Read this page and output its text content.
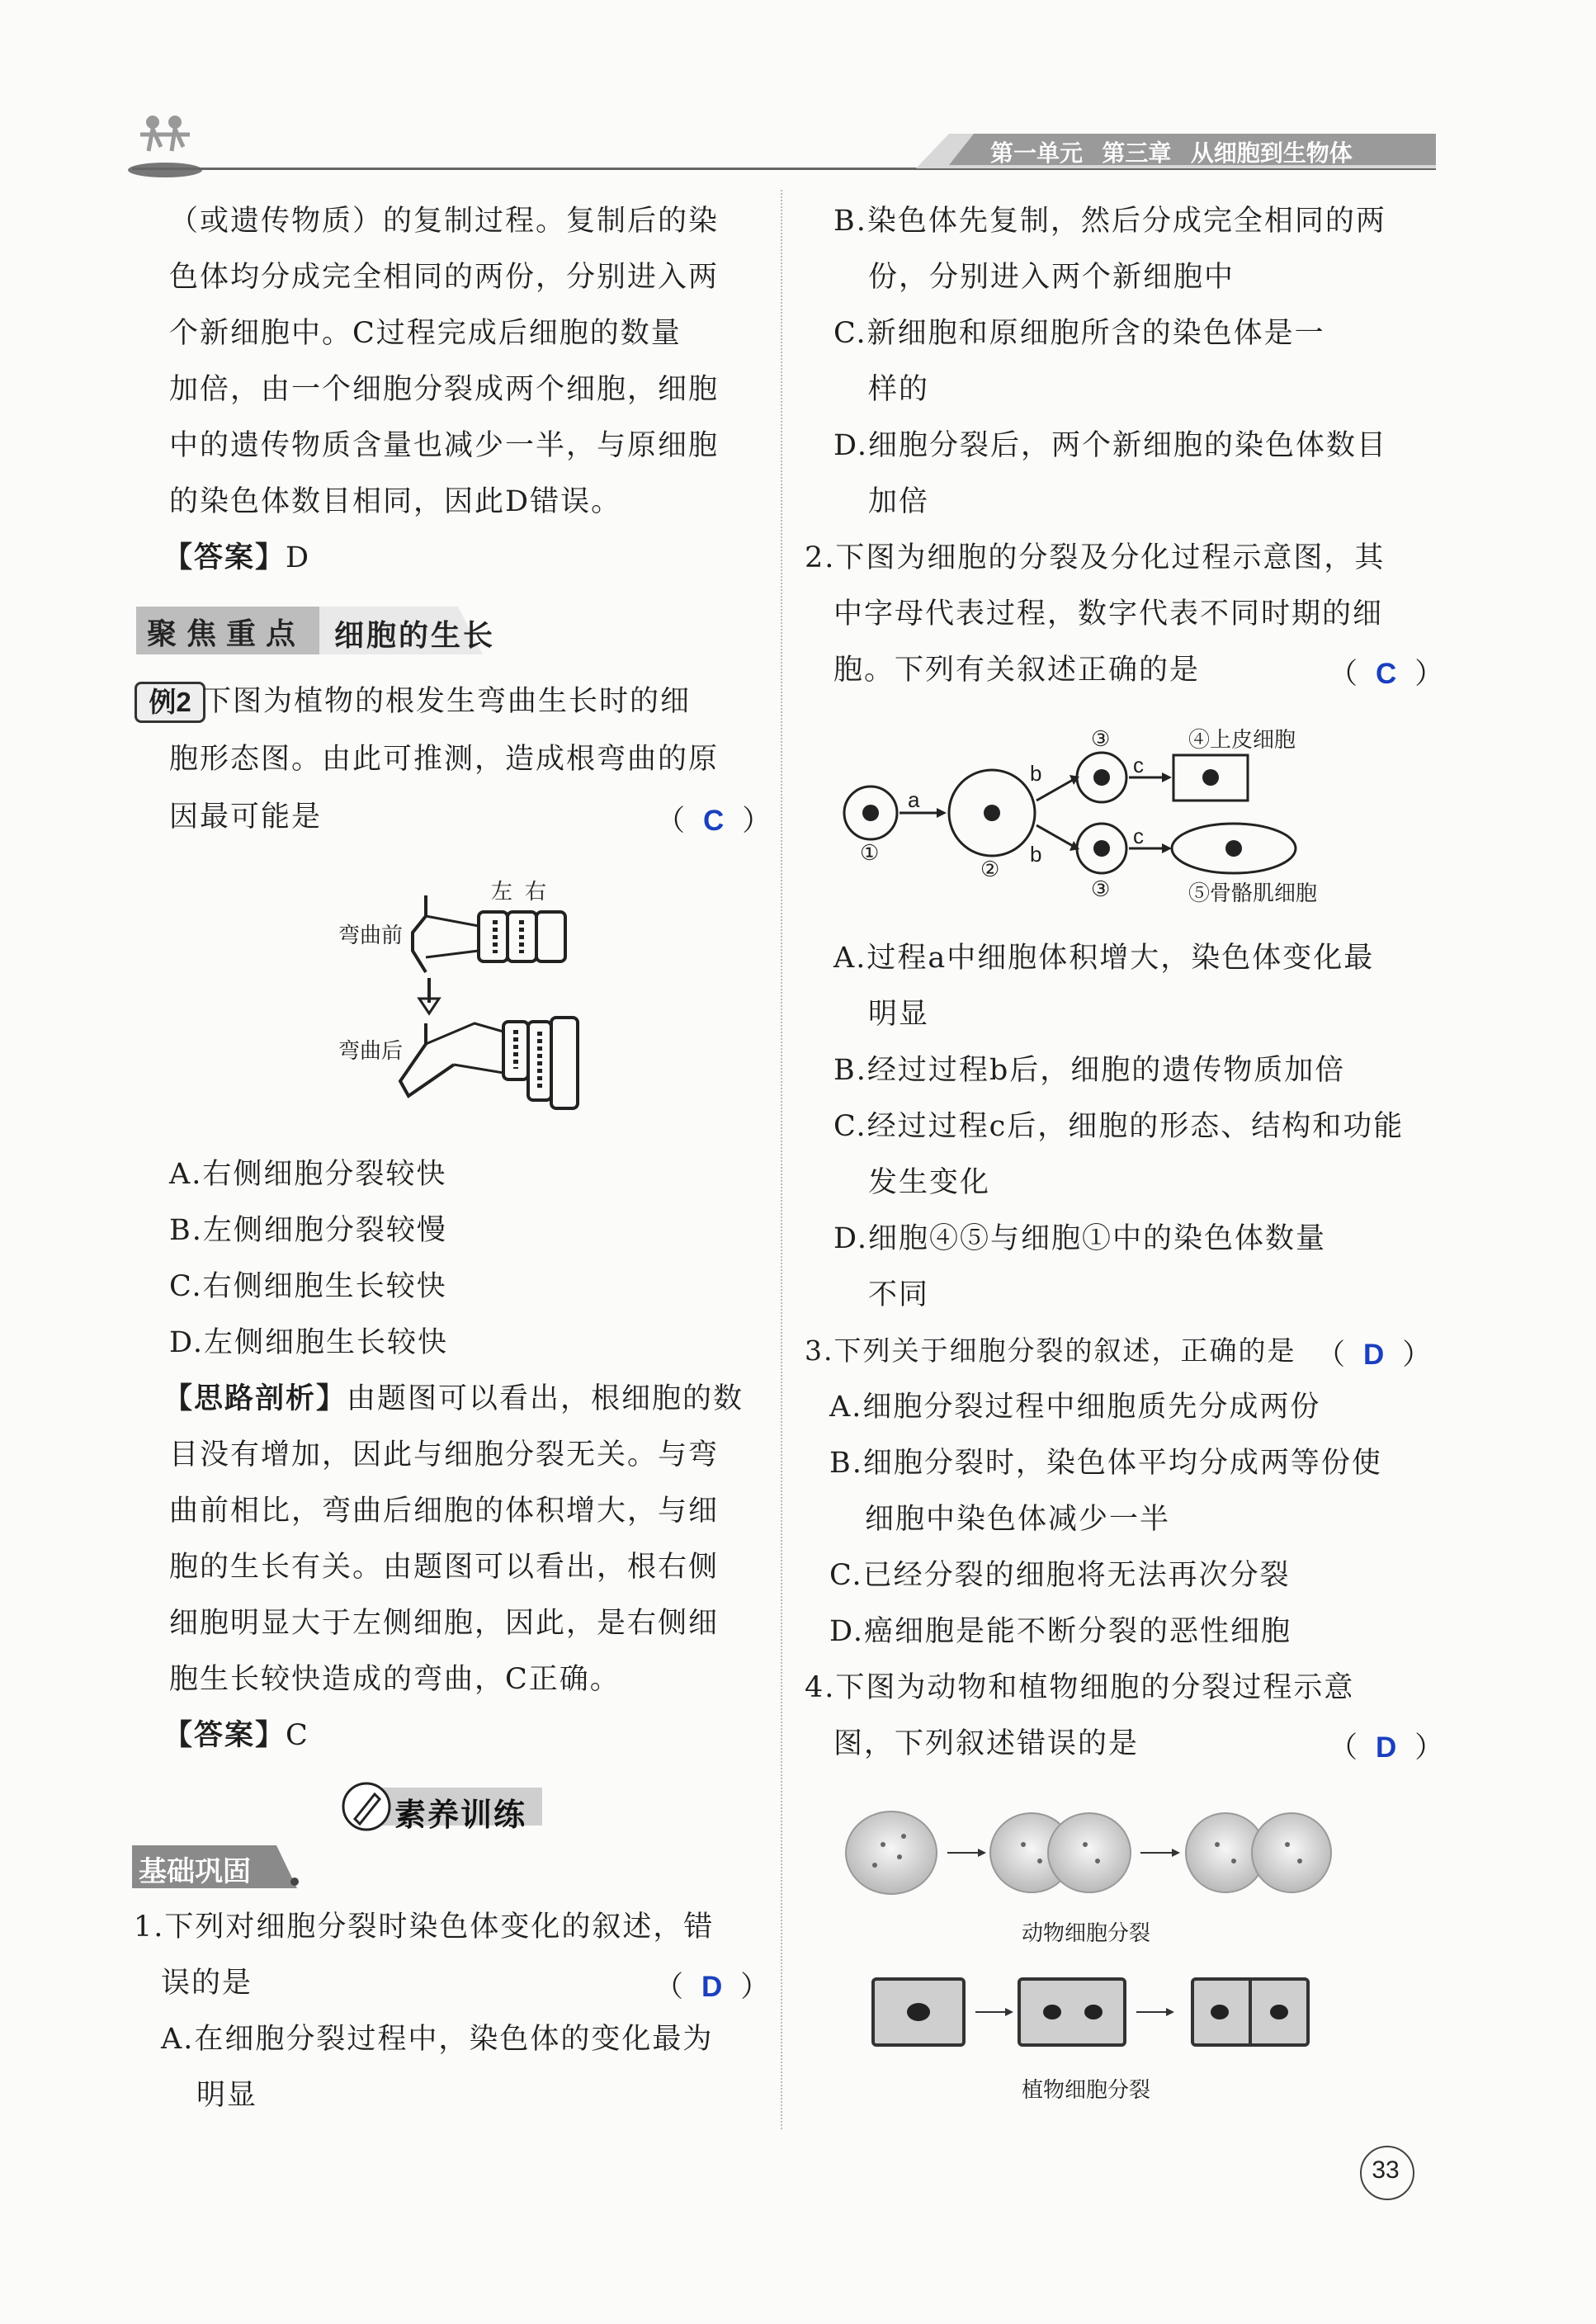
第一单元 第三章 从细胞到生物体
（或遗传物质）的复制过程。复制后的染
色体均分成完全相同的两份，分别进入两
个新细胞中。C过程完成后细胞的数量
加倍，由一个细胞分裂成两个细胞，细胞
中的遗传物质含量也减少一半，与原细胞
的染色体数目相同，因此D错误。
【答案】D
聚焦重点 细胞的生长
例2 下图为植物的根发生弯曲生长时的细
胞形态图。由此可推测，造成根弯曲的原
因最可能是	（ C ）
左 右
弯曲前
弯曲后
A.右侧细胞分裂较快
B.左侧细胞分裂较慢
C.右侧细胞生长较快
D.左侧细胞生长较快
【思路剖析】由题图可以看出，根细胞的数
目没有增加，因此与细胞分裂无关。与弯
曲前相比，弯曲后细胞的体积增大，与细
胞的生长有关。由题图可以看出，根右侧
细胞明显大于左侧细胞，因此，是右侧细
胞生长较快造成的弯曲，C正确。
【答案】C
素养训练
基础巩固
1.下列对细胞分裂时染色体变化的叙述，错
误的是	（ D ）
A.在细胞分裂过程中，染色体的变化最为
明显
B.染色体先复制，然后分成完全相同的两
份，分别进入两个新细胞中
C.新细胞和原细胞所含的染色体是一
样的
D.细胞分裂后，两个新细胞的染色体数目
加倍
2.下图为细胞的分裂及分化过程示意图，其
中字母代表过程，数字代表不同时期的细
胞。下列有关叙述正确的是	（ C ）
①
a
②
b
b
③
③
c
c
④上皮细胞
⑤骨骼肌细胞
A.过程a中细胞体积增大，染色体变化最
明显
B.经过过程b后，细胞的遗传物质加倍
C.经过过程c后，细胞的形态、结构和功能
发生变化
D.细胞④⑤与细胞①中的染色体数量
不同
3.下列关于细胞分裂的叙述，正确的是 （ D ）
A.细胞分裂过程中细胞质先分成两份
B.细胞分裂时，染色体平均分成两等份使
细胞中染色体减少一半
C.已经分裂的细胞将无法再次分裂
D.癌细胞是能不断分裂的恶性细胞
4.下图为动物和植物细胞的分裂过程示意
图，下列叙述错误的是	（ D ）
动物细胞分裂
植物细胞分裂
33
